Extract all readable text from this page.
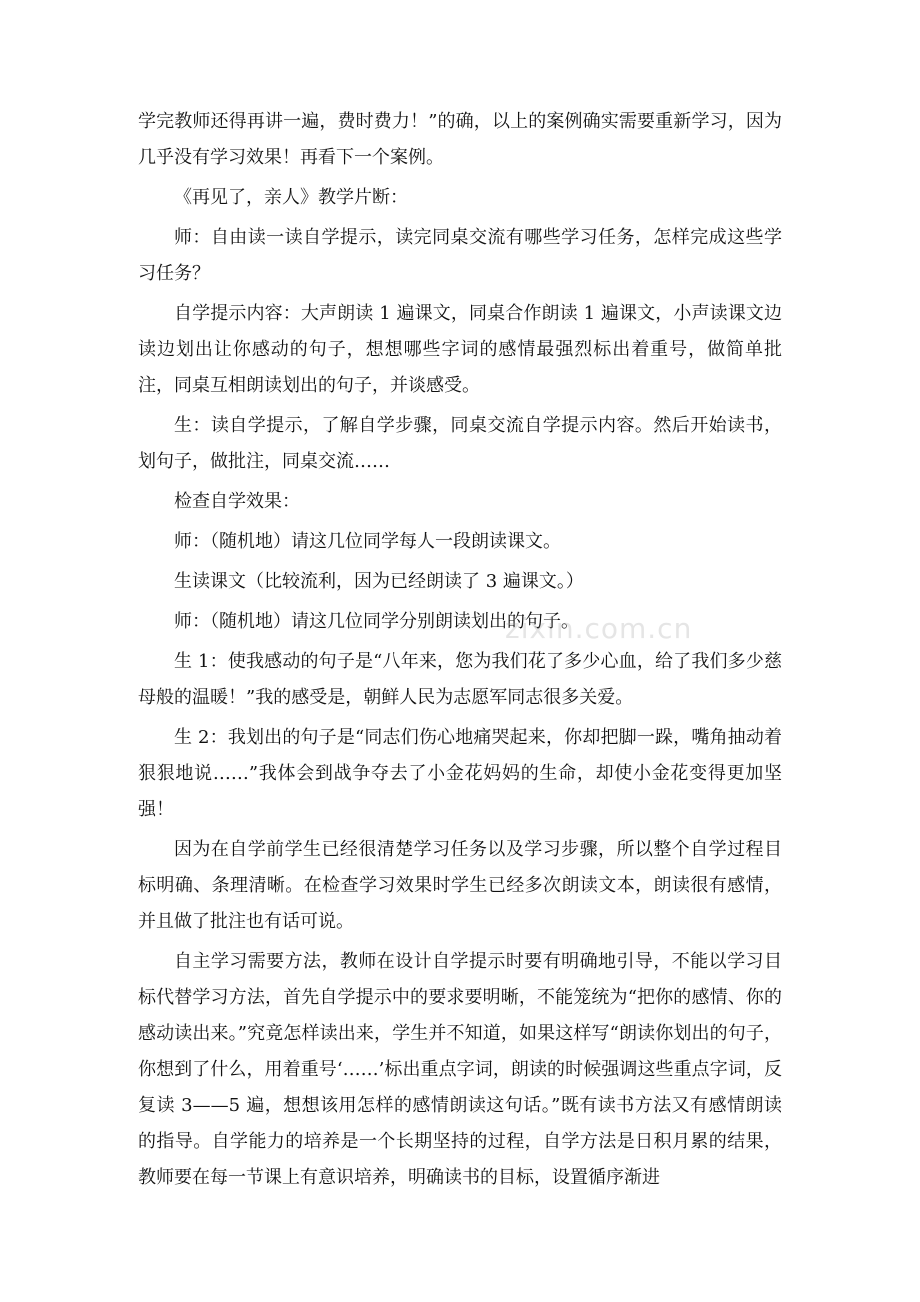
学完教师还得再讲一遍，费时费力！”的确，以上的案例确实需要重新学习，因为几乎没有学习效果！再看下一个案例。

《再见了，亲人》教学片断：

师：自由读一读自学提示，读完同桌交流有哪些学习任务，怎样完成这些学习任务？

自学提示内容：大声朗读 1 遍课文，同桌合作朗读 1 遍课文，小声读课文边读边划出让你感动的句子，想想哪些字词的感情最强烈标出着重号，做简单批注，同桌互相朗读划出的句子，并谈感受。

生：读自学提示，了解自学步骤，同桌交流自学提示内容。然后开始读书，划句子，做批注，同桌交流……

检查自学效果：

师：（随机地）请这几位同学每人一段朗读课文。

生读课文（比较流利，因为已经朗读了 3 遍课文。）

师：（随机地）请这几位同学分别朗读划出的句子。

生 1：使我感动的句子是“八年来，您为我们花了多少心血，给了我们多少慈母般的温暖！”我的感受是，朝鲜人民为志愿军同志很多关爱。

生 2：我划出的句子是“同志们伤心地痛哭起来，你却把脚一跺，嘴角抽动着狠狠地说……”我体会到战争夺去了小金花妈妈的生命，却使小金花变得更加坚强！

因为在自学前学生已经很清楚学习任务以及学习步骤，所以整个自学过程目标明确、条理清晰。在检查学习效果时学生已经多次朗读文本，朗读很有感情，并且做了批注也有话可说。

自主学习需要方法，教师在设计自学提示时要有明确地引导，不能以学习目标代替学习方法，首先自学提示中的要求要明晰，不能笼统为“把你的感情、你的感动读出来。”究竟怎样读出来，学生并不知道，如果这样写“朗读你划出的句子，你想到了什么，用着重号‘……’标出重点字词，朗读的时候强调这些重点字词，反复读 3——5 遍，想想该用怎样的感情朗读这句话。”既有读书方法又有感情朗读的指导。自学能力的培养是一个长期坚持的过程，自学方法是日积月累的结果，教师要在每一节课上有意识培养，明确读书的目标，设置循序渐进

zixin.com.cn
